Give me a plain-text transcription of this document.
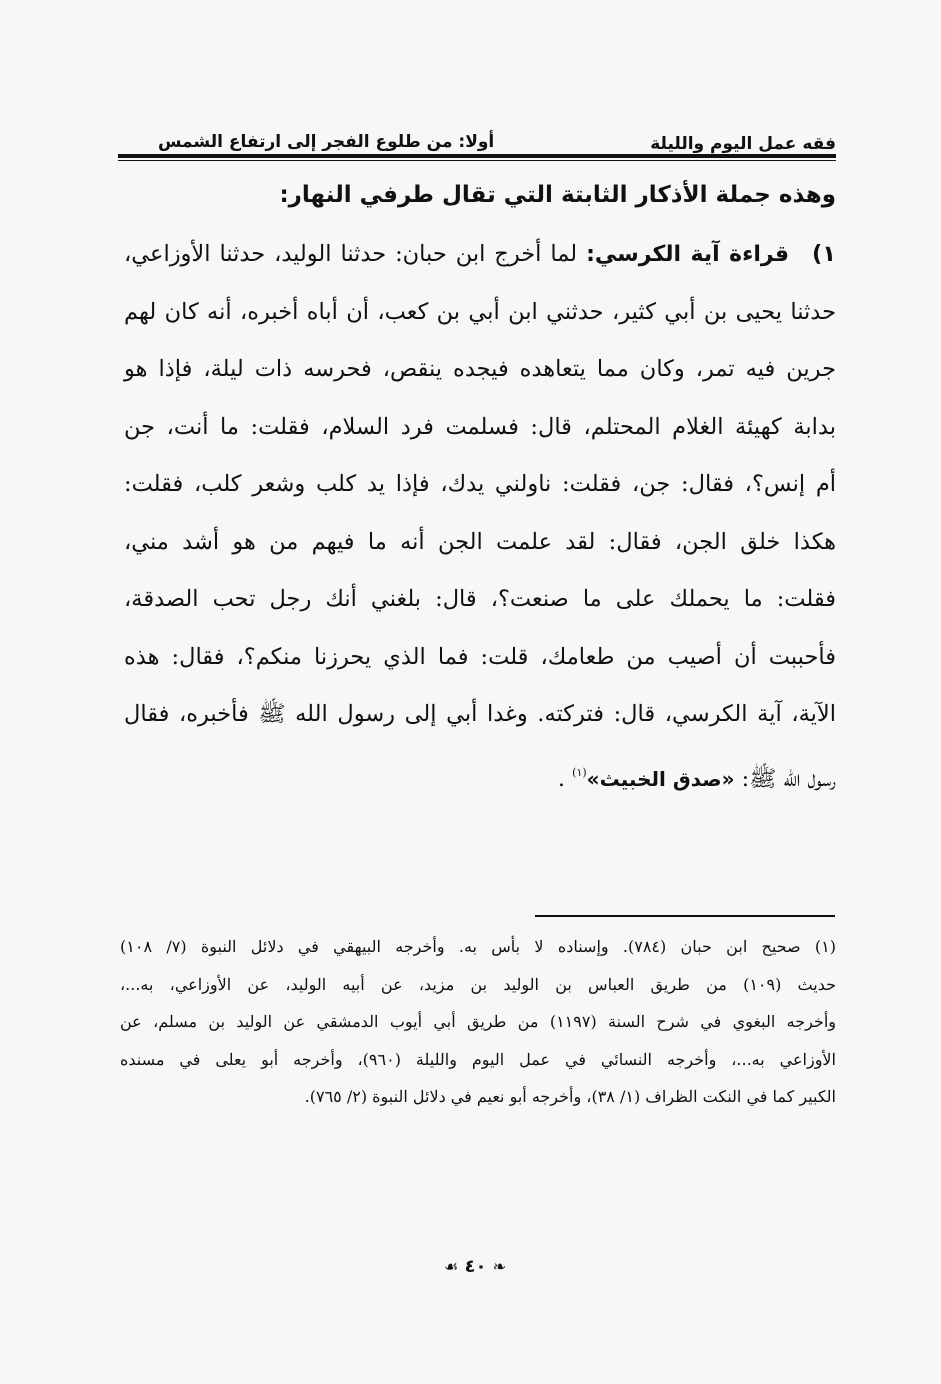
فقه عمل اليوم والليلة
أولا: من طلوع الفجر إلى ارتفاع الشمس
وهذه جملة الأذكار الثابتة التي تقال طرفي النهار:
١) قراءة آية الكرسي: لما أخرج ابن حبان: حدثنا الوليد، حدثنا الأوزاعي،
حدثنا يحيى بن أبي كثير، حدثني ابن أبي بن كعب، أن أباه أخبره، أنه كان لهم
جرين فيه تمر، وكان مما يتعاهده فيجده ينقص، فحرسه ذات ليلة، فإذا هو
بدابة كهيئة الغلام المحتلم، قال: فسلمت فرد السلام، فقلت: ما أنت، جن
أم إنس؟، فقال: جن، فقلت: ناولني يدك، فإذا يد كلب وشعر كلب، فقلت:
هكذا خلق الجن، فقال: لقد علمت الجن أنه ما فيهم من هو أشد مني،
فقلت: ما يحملك على ما صنعت؟، قال: بلغني أنك رجل تحب الصدقة،
فأحببت أن أصيب من طعامك، قلت: فما الذي يحرزنا منكم؟، فقال: هذه
الآية، آية الكرسي، قال: فتركته. وغدا أبي إلى رسول الله ﷺ فأخبره، فقال
رسول الله ﷺ: «صدق الخبيث»$^{(١)}$ .
(١) صحيح ابن حبان (٧٨٤). وإسناده لا بأس به. وأخرجه البيهقي في دلائل النبوة (٧/ ١٠٨)
حديث (١٠٩) من طريق العباس بن الوليد بن مزيد، عن أبيه الوليد، عن الأوزاعي، به...،
وأخرجه البغوي في شرح السنة (١١٩٧) من طريق أبي أيوب الدمشقي عن الوليد بن مسلم، عن
الأوزاعي به...، وأخرجه النسائي في عمل اليوم والليلة (٩٦٠)، وأخرجه أبو يعلى في مسنده
الكبير كما في النكت الظراف (١/ ٣٨)، وأخرجه أبو نعيم في دلائل النبوة (٢/ ٧٦٥).
❧ ٤٠ ☙
